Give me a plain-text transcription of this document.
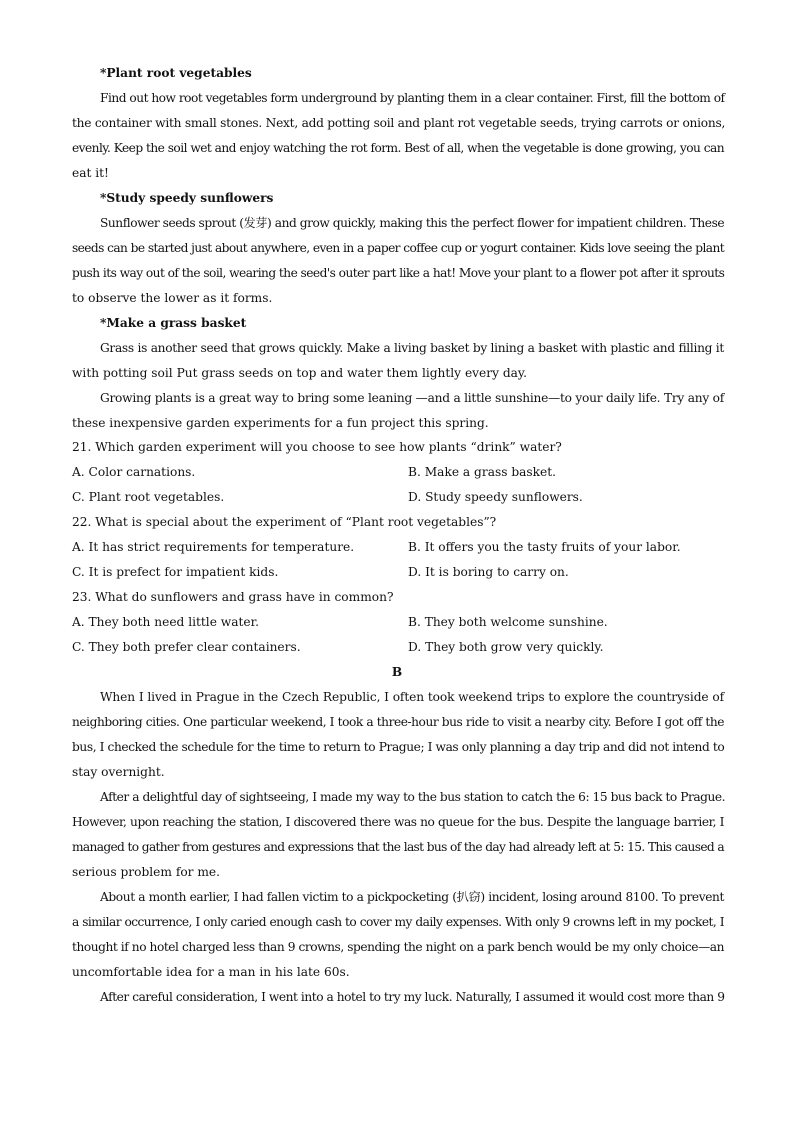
*Plant root vegetables

Find out how root vegetables form underground by planting them in a clear container. First, fill the bottom of

the container with small stones. Next, add potting soil and plant rot vegetable seeds, trying carrots or onions,

evenly. Keep the soil wet and enjoy watching the rot form. Best of all, when the vegetable is done growing, you can

eat it!

*Study speedy sunflowers

Sunflower seeds sprout (发芽) and grow quickly, making this the perfect flower for impatient children. These

seeds can be started just about anywhere, even in a paper coffee cup or yogurt container. Kids love seeing the plant

push its way out of the soil, wearing the seed's outer part like a hat! Move your plant to a flower pot after it sprouts

to observe the lower as it forms.

*Make a grass basket

Grass is another seed that grows quickly. Make a living basket by lining a basket with plastic and filling it

with potting soil Put grass seeds on top and water them lightly every day.

Growing plants is a great way to bring some leaning —and a little sunshine—to your daily life. Try any of

these inexpensive garden experiments for a fun project this spring.

21. Which garden experiment will you choose to see how plants “drink” water?

A. Color carnations.	B. Make a grass basket.

C. Plant root vegetables.	D. Study speedy sunflowers.

22. What is special about the experiment of “Plant root vegetables”?

A. It has strict requirements for temperature.	B. It offers you the tasty fruits of your labor.

C. It is prefect for impatient kids.	D. It is boring to carry on.

23. What do sunflowers and grass have in common?

A. They both need little water.	B. They both welcome sunshine.

C. They both prefer clear containers.	D. They both grow very quickly.

B

When I lived in Prague in the Czech Republic, I often took weekend trips to explore the countryside of

neighboring cities. One particular weekend, I took a three-hour bus ride to visit a nearby city. Before I got off the

bus, I checked the schedule for the time to return to Prague; I was only planning a day trip and did not intend to

stay overnight.

After a delightful day of sightseeing, I made my way to the bus station to catch the 6: 15 bus back to Prague.

However, upon reaching the station, I discovered there was no queue for the bus. Despite the language barrier, I

managed to gather from gestures and expressions that the last bus of the day had already left at 5: 15. This caused a

serious problem for me.

About a month earlier, I had fallen victim to a pickpocketing (扒窃) incident, losing around 8100. To prevent

a similar occurrence, I only caried enough cash to cover my daily expenses. With only 9 crowns left in my pocket, I

thought if no hotel charged less than 9 crowns, spending the night on a park bench would be my only choice—an

uncomfortable idea for a man in his late 60s.

After careful consideration, I went into a hotel to try my luck. Naturally, I assumed it would cost more than 9
